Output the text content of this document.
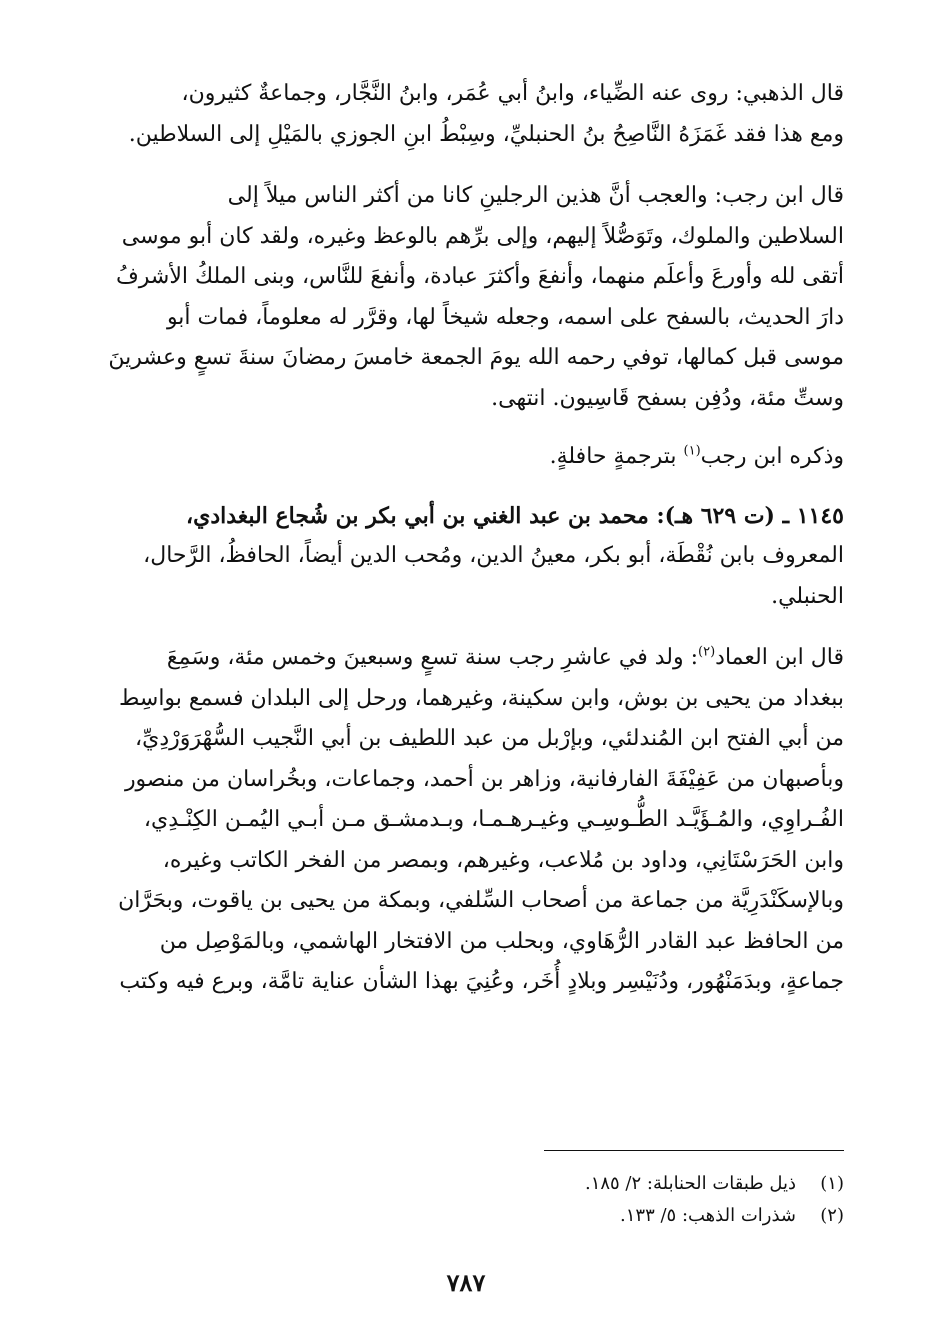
قال الذهبي: روى عنه الضِّياء، وابنُ أبي عُمَر، وابنُ النَّجَّار، وجماعةٌ كثيرون،
ومع هذا فقد غَمَزَهُ النَّاصِحُ بنُ الحنبليِّ، وسِبْطُ ابنِ الجوزي بالمَيْلِ إلى السلاطين.

قال ابن رجب: والعجب أنَّ هذين الرجلينِ كانا من أكثر الناس ميلاً إلى
السلاطين والملوك، وتَوَصُّلاً إليهم، وإلى برِّهم بالوعظ وغيره، ولقد كان أبو موسى
أتقى لله وأورعَ وأعلَم منهما، وأنفعَ وأكثرَ عبادة، وأنفعَ للنَّاس، وبنى الملكُ الأشرفُ
دارَ الحديث، بالسفح على اسمه، وجعله شيخاً لها، وقرَّر له معلوماً، فمات أبو
موسى قبل كمالها، توفي رحمه الله يومَ الجمعة خامسَ رمضانَ سنةَ تسعٍ وعشرينَ
وستِّ مئة، ودُفِن بسفح قَاسِيون. انتهى.

وذكره ابن رجب$^{(١)}$ بترجمةٍ حافلةٍ.

١١٤٥ ـ (ت ٦٢٩ هـ): محمد بن عبد الغني بن أبي بكر بن شُجاع البغدادي،
المعروف بابن نُقْطَة، أبو بكر، معينُ الدين، ومُحب الدين أيضاً، الحافظُ، الرَّحال،
الحنبلي.

قال ابن العماد$^{(٢)}$: ولد في عاشرِ رجب سنة تسعٍ وسبعينَ وخمس مئة، وسَمِعَ
ببغداد من يحيى بن بوش، وابن سكينة، وغيرهما، ورحل إلى البلدان فسمع بواسِط
من أبي الفتح ابن المُندلئي، وبإرْبل من عبد اللطيف بن أبي النَّجيب السُّهْرَوَرْدِيِّ،
وبأصبهان من عَفِيْفَةَ الفارفانية، وزاهر بن أحمد، وجماعات، وبخُراسان من منصور
الفُـراوِي، والمُـؤَيَّـد الطُّـوسِـي وغيـرهـمـا، وبـدمشـق مـن أبـي اليُمـن الكِنْـدِي،
وابن الحَرَسْتَانِي، وداود بن مُلاعب، وغيرهم، وبمصر من الفخر الكاتب وغيره،
وبالإسكَنْدَرِيَّة من جماعة من أصحاب السِّلفي، وبمكة من يحيى بن ياقوت، وبحَرَّان
من الحافظ عبد القادر الرُّهَاوي، وبحلب من الافتخار الهاشمي، وبالمَوْصِل من
جماعةٍ، وبدَمَنْهُور، ودُنَيْسِر وبلادٍ أُخَر، وعُنِيَ بهذا الشأن عناية تامَّة، وبرع فيه وكتب

(١)ذيل طبقات الحنابلة: ٢/ ١٨٥.
(٢)شذرات الذهب: ٥/ ١٣٣.
٧٨٧
